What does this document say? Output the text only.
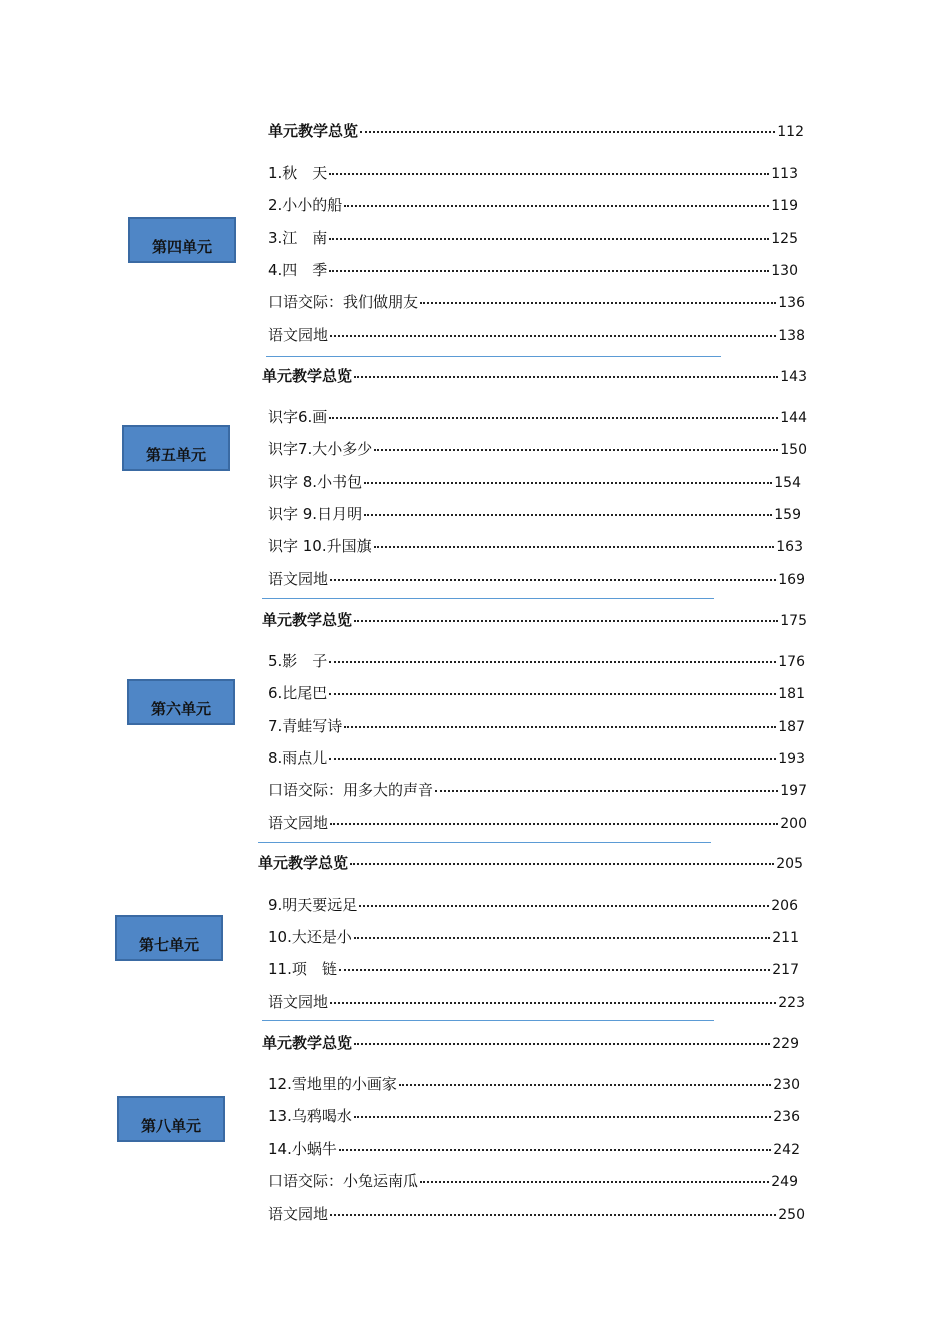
第四单元
单元教学总览	112
1.秋　天	113
2.小小的船	119
3.江　南	125
4.四　季	130
口语交际：我们做朋友	136
语文园地	138
第五单元
单元教学总览	143
识字6.画	144
识字7.大小多少	150
识字 8.小书包	154
识字 9.日月明	159
识字 10.升国旗	163
语文园地	169
第六单元
单元教学总览	175
5.影　子	176
6.比尾巴	181
7.青蛙写诗	187
8.雨点儿	193
口语交际：用多大的声音	197
语文园地	200
第七单元
单元教学总览	205
9.明天要远足	206
10.大还是小	211
11.项　链	217
语文园地	223
第八单元
单元教学总览	229
12.雪地里的小画家	230
13.乌鸦喝水	236
14.小蜗牛	242
口语交际：小兔运南瓜	249
语文园地	250
